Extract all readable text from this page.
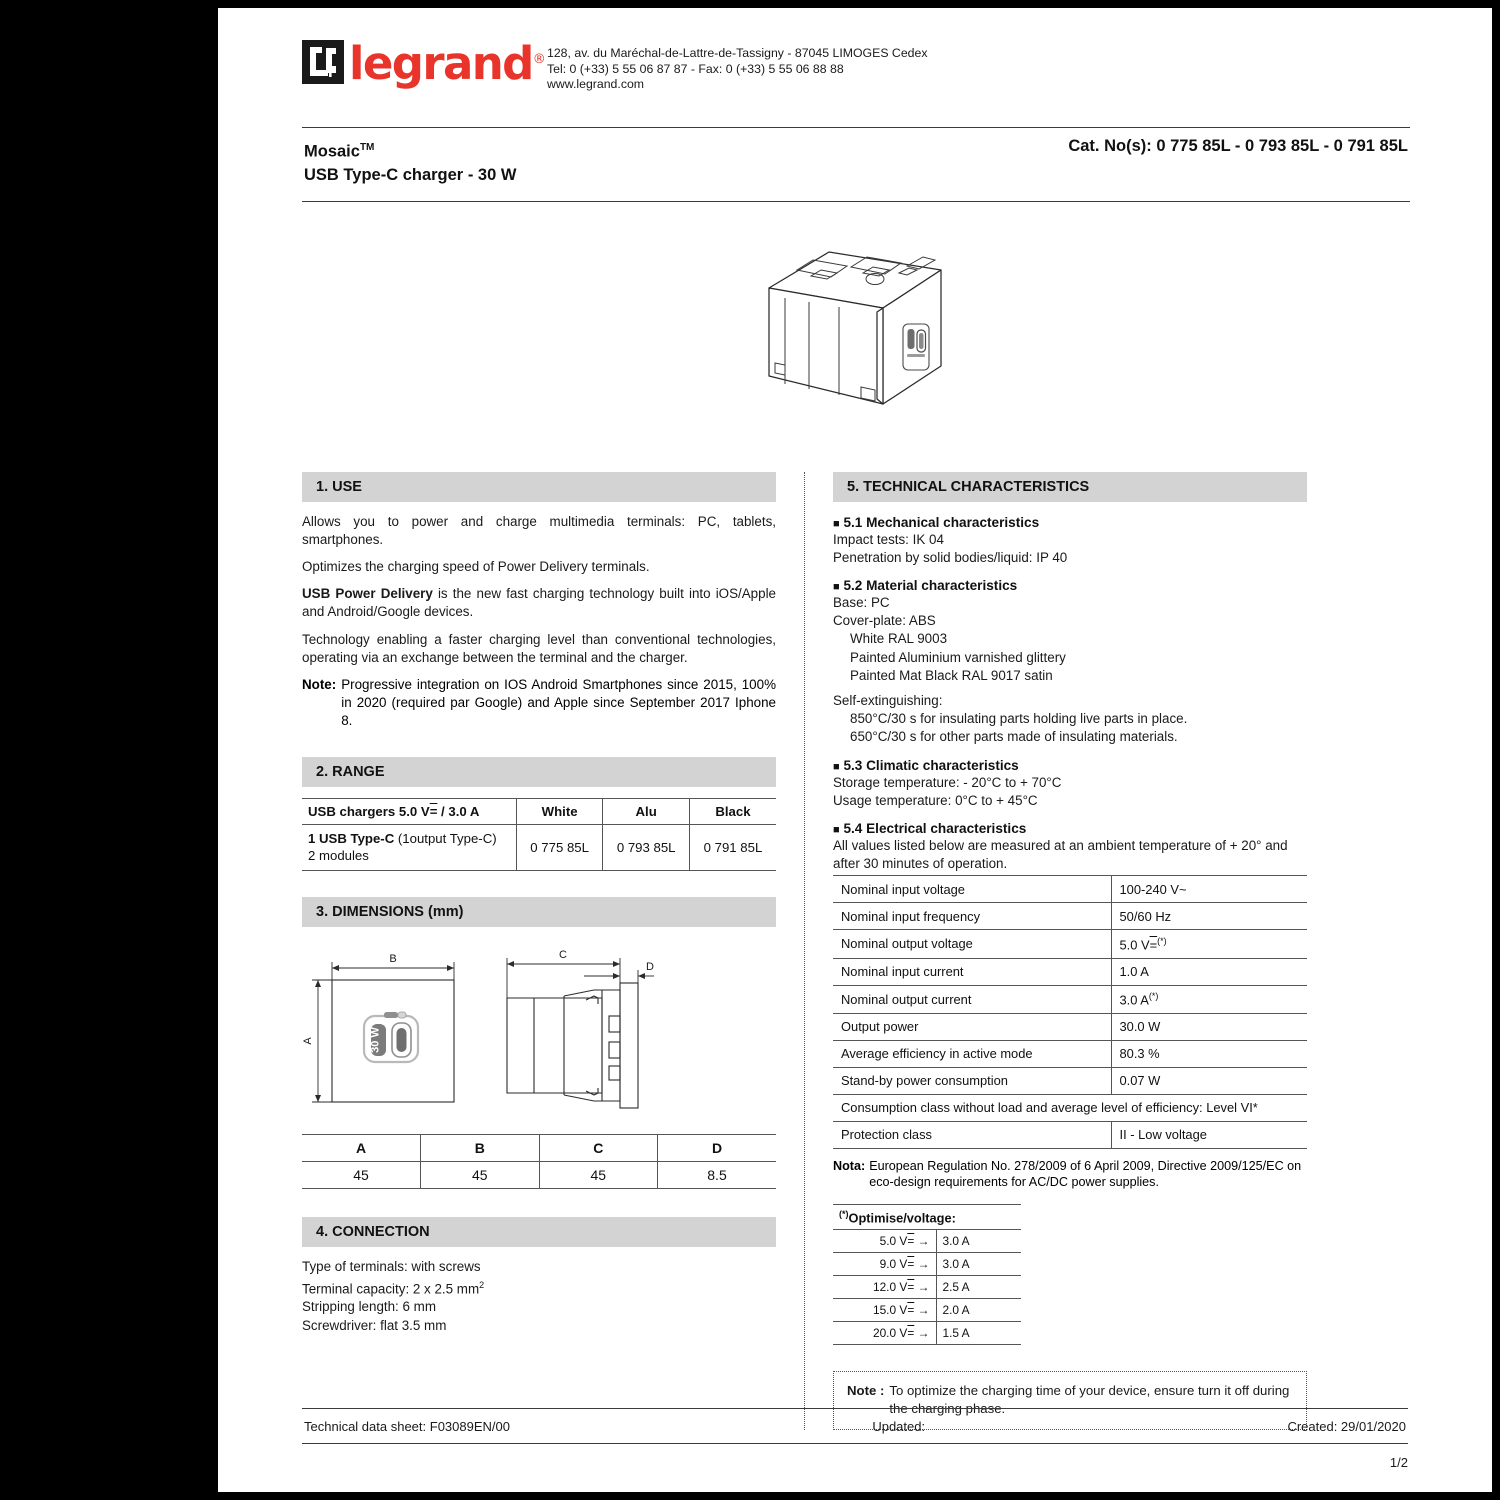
legrand® 128, av. du Maréchal-de-Lattre-de-Tassigny - 87045 LIMOGES Cedex
Tel: 0 (+33) 5 55 06 87 87 - Fax: 0 (+33) 5 55 06 88 88
www.legrand.com
Mosaic™
USB Type-C charger - 30 W
Cat. No(s): 0 775 85L - 0 793 85L - 0 791 85L
1. USE

Allows you to power and charge multimedia terminals: PC, tablets, smartphones.

Optimizes the charging speed of Power Delivery terminals.

USB Power Delivery is the new fast charging technology built into iOS/Apple and Android/Google devices.

Technology enabling a faster charging level than conventional technologies, operating via an exchange between the terminal and the charger.

Note: Progressive integration on IOS Android Smartphones since 2015, 100% in 2020 (required par Google) and Apple since September 2017 Iphone 8.
2. RANGE
USB chargers 5.0 V= / 3.0 A	White	Alu	Black
1 USB Type-C (1output Type-C)
2 modules	0 775 85L	0 793 85L	0 791 85L
3. DIMENSIONS (mm)
B
A	30 W
C
D
A	B	C	D
45	45	45	8.5
4. CONNECTION

Type of terminals: with screws

Terminal capacity: 2 x 2.5 $mm^2$

Stripping length: 6 mm

Screwdriver: flat 3.5 mm

5. TECHNICAL CHARACTERISTICS
■ 5.1 Mechanical characteristics

Impact tests: IK 04

Penetration by solid bodies/liquid: IP 40

■ 5.2 Material characteristics

Base: PC

Cover-plate: ABS

White RAL 9003

Painted Aluminium varnished glittery

Painted Mat Black RAL 9017 satin

Self-extinguishing:

850°C/30 s for insulating parts holding live parts in place.

650°C/30 s for other parts made of insulating materials.

■ 5.3 Climatic characteristics

Storage temperature: - 20°C to + 70°C

Usage temperature: 0°C to + 45°C

■ 5.4 Electrical characteristics

All values listed below are measured at an ambient temperature of + 20° and after 30 minutes of operation.

Nominal input voltage	100-240 V~
Nominal input frequency	50/60 Hz
Nominal output voltage	5.0 V=(*)
Nominal input current	1.0 A
Nominal output current	3.0 A(*)
Output power	30.0 W
Average efficiency in active mode	80.3 %
Stand-by power consumption	0.07 W
Consumption class without load and average level of efficiency: Level VI*	
Protection class	II - Low voltage
Nota: European Regulation No. 278/2009 of 6 April 2009, Directive 2009/125/EC on eco-design requirements for AC/DC power supplies.
(*)Optimise/voltage:
5.0 V= →	3.0 A
9.0 V= →	3.0 A
12.0 V= →	2.5 A
15.0 V= →	2.0 A
20.0 V= →	1.5 A
Note : To optimize the charging time of your device, ensure turn it off during the charging phase.
Technical data sheet: F03089EN/00	Updated:	Created: 29/01/2020
1/2
